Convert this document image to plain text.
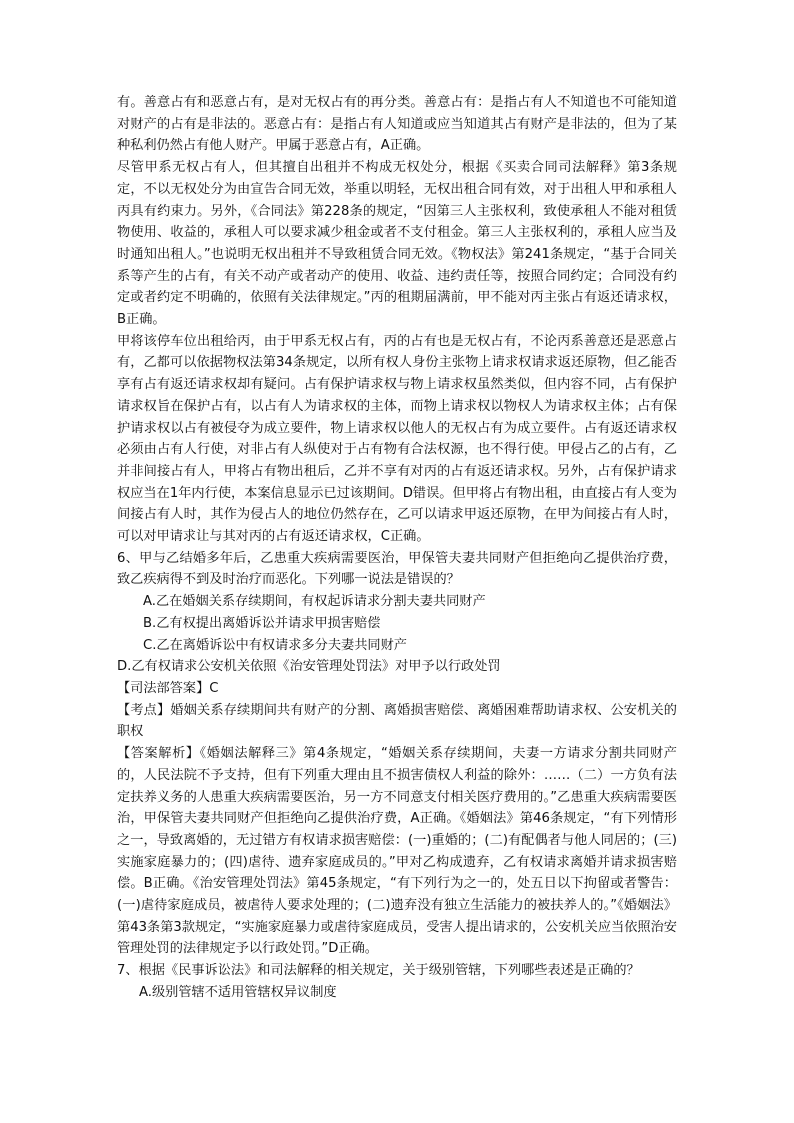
有。善意占有和恶意占有，是对无权占有的再分类。善意占有：是指占有人不知道也不可能知道对财产的占有是非法的。恶意占有：是指占有人知道或应当知道其占有财产是非法的，但为了某种私利仍然占有他人财产。甲属于恶意占有，A正确。

尽管甲系无权占有人，但其擅自出租并不构成无权处分，根据《买卖合同司法解释》第3条规定，不以无权处分为由宣告合同无效，举重以明轻，无权出租合同有效，对于出租人甲和承租人丙具有约束力。另外，《合同法》第228条的规定，“因第三人主张权利，致使承租人不能对租赁物使用、收益的，承租人可以要求减少租金或者不支付租金。第三人主张权利的，承租人应当及时通知出租人。”也说明无权出租并不导致租赁合同无效。《物权法》第241条规定，“基于合同关系等产生的占有，有关不动产或者动产的使用、收益、违约责任等，按照合同约定；合同没有约定或者约定不明确的，依照有关法律规定。”丙的租期届满前，甲不能对丙主张占有返还请求权，B正确。

甲将该停车位出租给丙，由于甲系无权占有，丙的占有也是无权占有，不论丙系善意还是恶意占有，乙都可以依据物权法第34条规定，以所有权人身份主张物上请求权请求返还原物，但乙能否享有占有返还请求权却有疑问。占有保护请求权与物上请求权虽然类似，但内容不同，占有保护请求权旨在保护占有，以占有人为请求权的主体，而物上请求权以物权人为请求权主体；占有保护请求权以占有被侵夺为成立要件，物上请求权以他人的无权占有为成立要件。占有返还请求权必须由占有人行使，对非占有人纵使对于占有物有合法权源，也不得行使。甲侵占乙的占有，乙并非间接占有人，甲将占有物出租后，乙并不享有对丙的占有返还请求权。另外，占有保护请求权应当在1年内行使，本案信息显示已过该期间。D错误。但甲将占有物出租，由直接占有人变为间接占有人时，其作为侵占人的地位仍然存在，乙可以请求甲返还原物，在甲为间接占有人时，可以对甲请求让与其对丙的占有返还请求权，C正确。

6、甲与乙结婚多年后，乙患重大疾病需要医治，甲保管夫妻共同财产但拒绝向乙提供治疗费，致乙疾病得不到及时治疗而恶化。下列哪一说法是错误的？

A.乙在婚姻关系存续期间，有权起诉请求分割夫妻共同财产

B.乙有权提出离婚诉讼并请求甲损害赔偿

C.乙在离婚诉讼中有权请求多分夫妻共同财产

D.乙有权请求公安机关依照《治安管理处罚法》对甲予以行政处罚

【司法部答案】C

【考点】婚姻关系存续期间共有财产的分割、离婚损害赔偿、离婚困难帮助请求权、公安机关的职权

【答案解析】《婚姻法解释三》第4条规定，“婚姻关系存续期间，夫妻一方请求分割共同财产的，人民法院不予支持，但有下列重大理由且不损害债权人利益的除外：……（二）一方负有法定扶养义务的人患重大疾病需要医治，另一方不同意支付相关医疗费用的。”乙患重大疾病需要医治，甲保管夫妻共同财产但拒绝向乙提供治疗费，A正确。《婚姻法》第46条规定，“有下列情形之一，导致离婚的，无过错方有权请求损害赔偿：(一)重婚的；(二)有配偶者与他人同居的；(三)实施家庭暴力的；(四)虐待、遗弃家庭成员的。”甲对乙构成遗弃，乙有权请求离婚并请求损害赔偿。B正确。《治安管理处罚法》第45条规定，“有下列行为之一的，处五日以下拘留或者警告：(一)虐待家庭成员，被虐待人要求处理的；(二)遗弃没有独立生活能力的被扶养人的。”《婚姻法》第43条第3款规定，“实施家庭暴力或虐待家庭成员，受害人提出请求的，公安机关应当依照治安管理处罚的法律规定予以行政处罚。”D正确。

7、根据《民事诉讼法》和司法解释的相关规定，关于级别管辖，下列哪些表述是正确的？

A.级别管辖不适用管辖权异议制度
